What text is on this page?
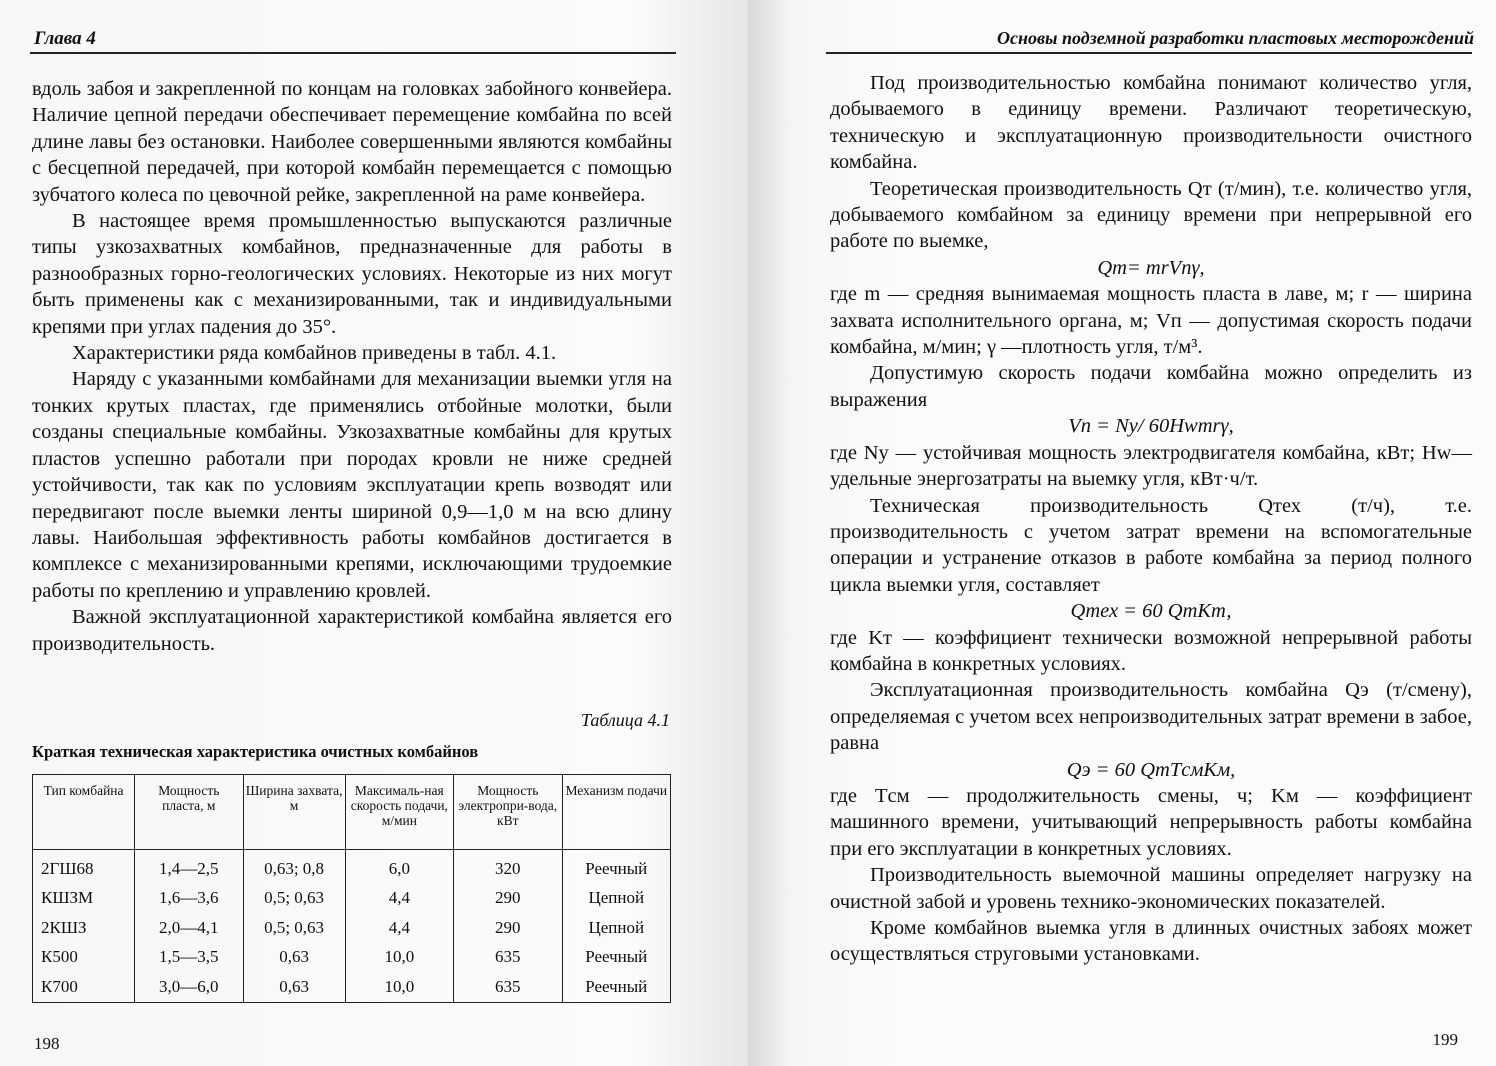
Глава 4

вдоль забоя и закрепленной по концам на головках забойного конвейера. Наличие цепной передачи обеспечивает перемещение комбайна по всей длине лавы без остановки. Наиболее совершенными являются комбайны с бесцепной передачей, при которой комбайн перемещается с помощью зубчатого колеса по цевочной рейке, закрепленной на раме конвейера.

В настоящее время промышленностью выпускаются различные типы узкозахватных комбайнов, предназначенные для работы в разнообразных горно-геологических условиях. Некоторые из них могут быть применены как с механизированными, так и индивидуальными крепями при углах падения до 35°.

Характеристики ряда комбайнов приведены в табл. 4.1.

Наряду с указанными комбайнами для механизации выемки угля на тонких крутых пластах, где применялись отбойные молотки, были созданы специальные комбайны. Узкозахватные комбайны для крутых пластов успешно работали при породах кровли не ниже средней устойчивости, так как по условиям эксплуатации крепь возводят или передвигают после выемки ленты шириной 0,9—1,0 м на всю длину лавы. Наибольшая эффективность работы комбайнов достигается в комплексе с механизированными крепями, исключающими трудоемкие работы по креплению и управлению кровлей.

Важной эксплуатационной характеристикой комбайна является его производительность.

Таблица 4.1
Краткая техническая характеристика очистных комбайнов
Тип комбайна	Мощность пласта, м	Ширина захвата, м	Максималь-ная скорость подачи, м/мин	Мощность электропри-вода, кВт	Механизм подачи
2ГШ68	1,4—2,5	0,63; 0,8	6,0	320	Реечный
КШЗМ	1,6—3,6	0,5; 0,63	4,4	290	Цепной
2КШЗ	2,0—4,1	0,5; 0,63	4,4	290	Цепной
К500	1,5—3,5	0,63	10,0	635	Реечный
К700	3,0—6,0	0,63	10,0	635	Реечный
198
Основы подземной разработки пластовых месторождений

Под производительностью комбайна понимают количество угля, добываемого в единицу времени. Различают теоретическую, техническую и эксплуатационную производительности очистного комбайна.

Теоретическая производительность Qт (т/мин), т.е. количество угля, добываемого комбайном за единицу времени при непрерывной его работе по выемке,

Qт= mrVпγ,

где m — средняя вынимаемая мощность пласта в лаве, м; r — ширина захвата исполнительного органа, м; Vп — допустимая скорость подачи комбайна, м/мин; γ —плотность угля, т/м³.

Допустимую скорость подачи комбайна можно определить из выражения

Vп = Nу/ 60Hwmrγ,

где Nу — устойчивая мощность электродвигателя комбайна, кВт; Hw— удельные энергозатраты на выемку угля, кВт·ч/т.

Техническая производительность Qтех (т/ч), т.е. производительность с учетом затрат времени на вспомогательные операции и устранение отказов в работе комбайна за период полного цикла выемки угля, составляет

Qтех = 60 QтKт,

где Kт — коэффициент технически возможной непрерывной работы комбайна в конкретных условиях.

Эксплуатационная производительность комбайна Qэ (т/смену), определяемая с учетом всех непроизводительных затрат времени в забое, равна

Qэ = 60 QтTсмKм,

где Tсм — продолжительность смены, ч; Kм — коэффициент машинного времени, учитывающий непрерывность работы комбайна при его эксплуатации в конкретных условиях.

Производительность выемочной машины определяет нагрузку на очистной забой и уровень технико-экономических показателей.

Кроме комбайнов выемка угля в длинных очистных забоях может осуществляться струговыми установками.

199
